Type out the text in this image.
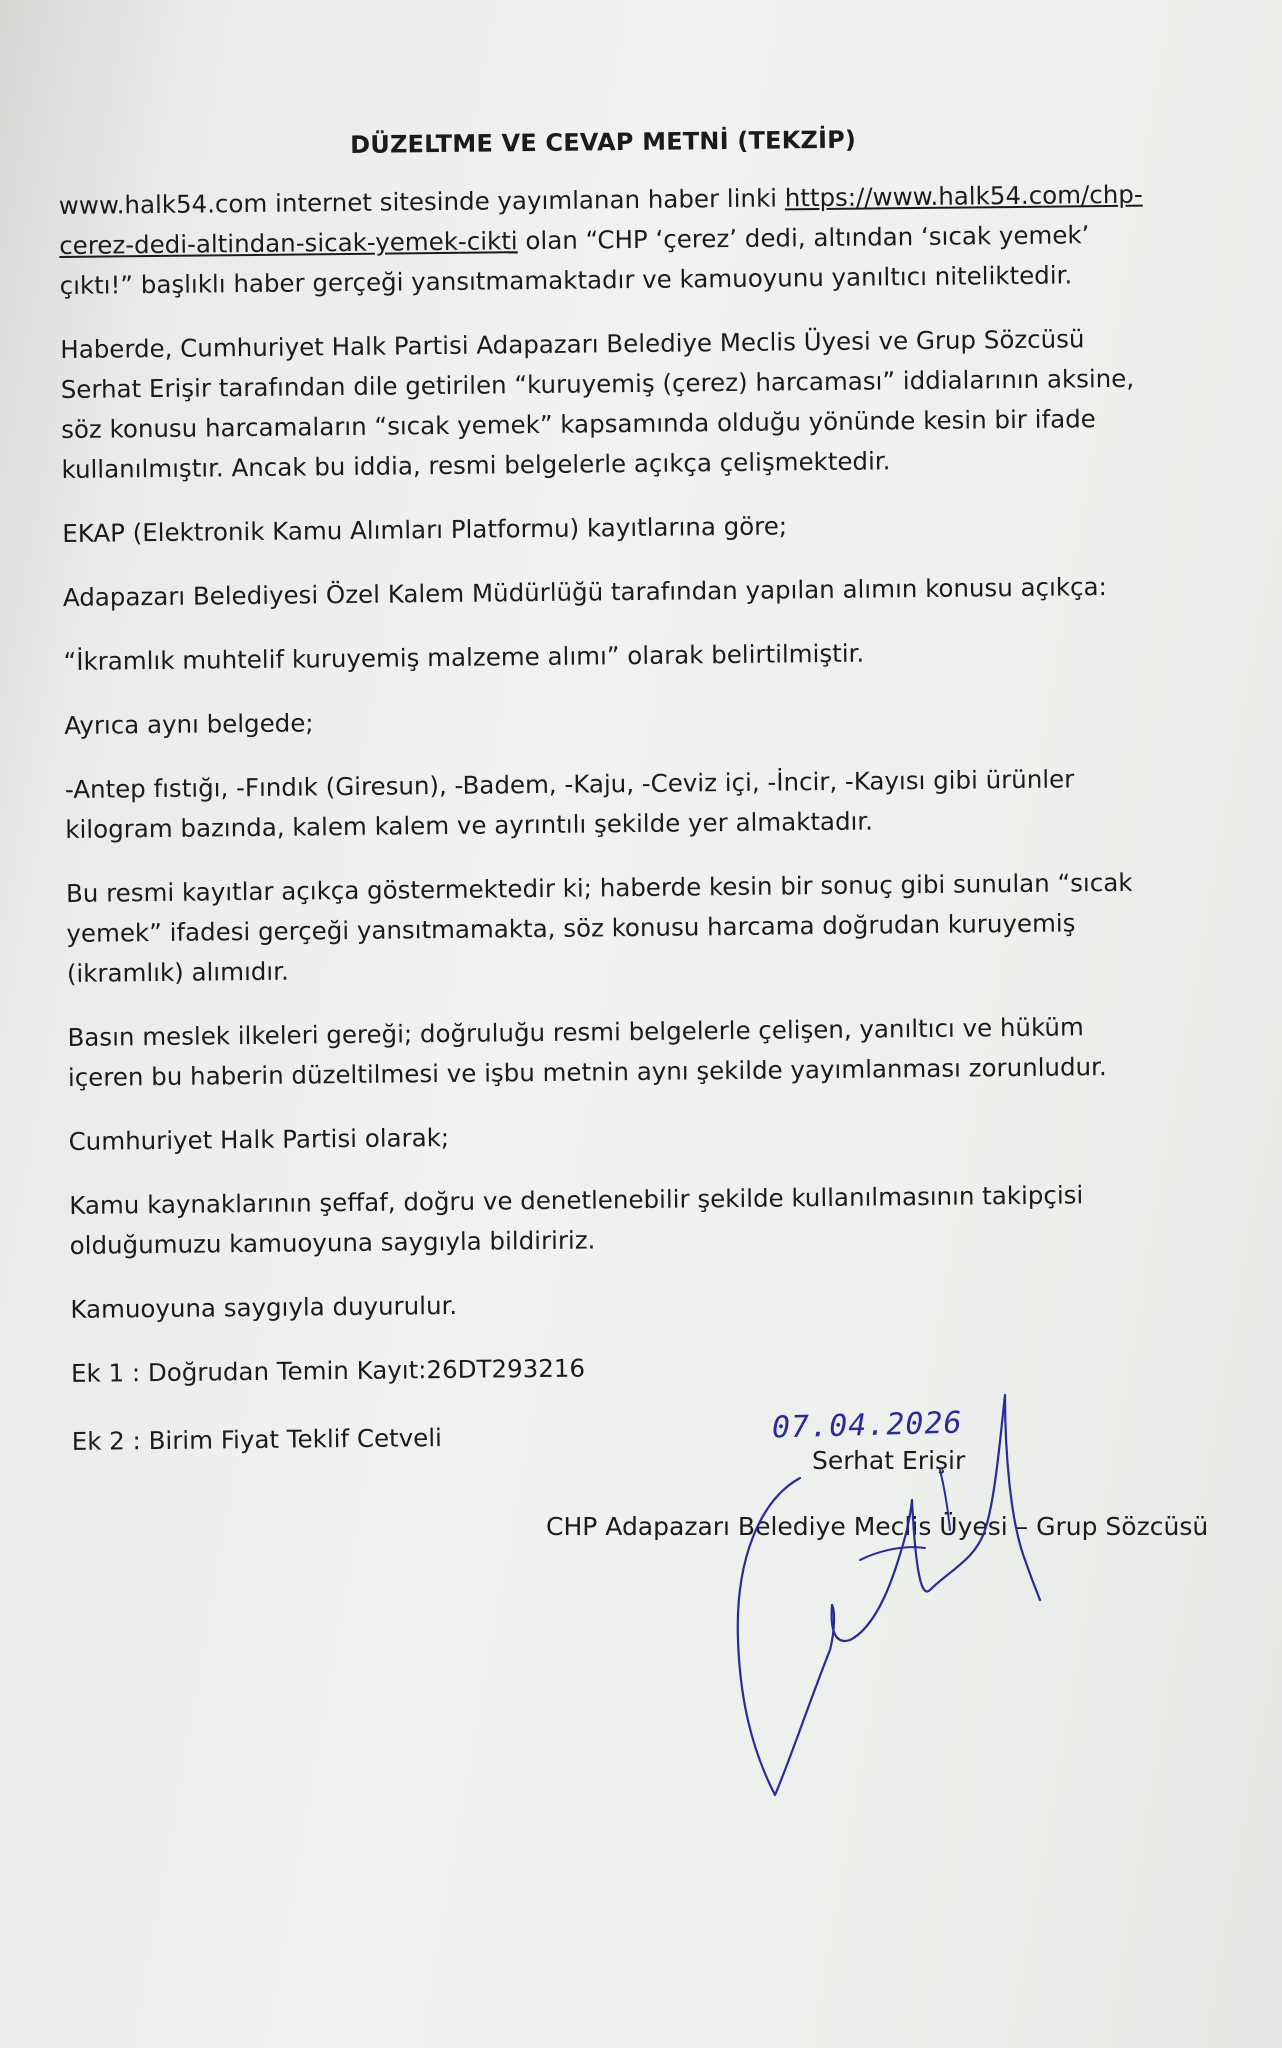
DÜZELTME VE CEVAP METNİ (TEKZİP)
www.halk54.com internet sitesinde yayımlanan haber linki https://www.halk54.com/chp-cerez-dedi-altindan-sicak-yemek-cikti olan “CHP ‘çerez’ dedi, altından ‘sıcak yemek’ çıktı!” başlıklı haber gerçeği yansıtmamaktadır ve kamuoyunu yanıltıcı niteliktedir.
Haberde, Cumhuriyet Halk Partisi Adapazarı Belediye Meclis Üyesi ve Grup Sözcüsü Serhat Erişir tarafından dile getirilen “kuruyemiş (çerez) harcaması” iddialarının aksine, söz konusu harcamaların “sıcak yemek” kapsamında olduğu yönünde kesin bir ifade kullanılmıştır. Ancak bu iddia, resmi belgelerle açıkça çelişmektedir.
EKAP (Elektronik Kamu Alımları Platformu) kayıtlarına göre;
Adapazarı Belediyesi Özel Kalem Müdürlüğü tarafından yapılan alımın konusu açıkça:
“İkramlık muhtelif kuruyemiş malzeme alımı” olarak belirtilmiştir.
Ayrıca aynı belgede;
-Antep fıstığı, -Fındık (Giresun), -Badem, -Kaju, -Ceviz içi, -İncir, -Kayısı gibi ürünler kilogram bazında, kalem kalem ve ayrıntılı şekilde yer almaktadır.
Bu resmi kayıtlar açıkça göstermektedir ki; haberde kesin bir sonuç gibi sunulan “sıcak yemek” ifadesi gerçeği yansıtmamakta, söz konusu harcama doğrudan kuruyemiş (ikramlık) alımıdır.
Basın meslek ilkeleri gereği; doğruluğu resmi belgelerle çelişen, yanıltıcı ve hüküm içeren bu haberin düzeltilmesi ve işbu metnin aynı şekilde yayımlanması zorunludur.
Cumhuriyet Halk Partisi olarak;
Kamu kaynaklarının şeffaf, doğru ve denetlenebilir şekilde kullanılmasının takipçisi olduğumuzu kamuoyuna saygıyla bildiririz.
Kamuoyuna saygıyla duyurulur.
Ek 1 : Doğrudan Temin Kayıt:26DT293216
Ek 2 : Birim Fiyat Teklif Cetveli	07.04.2026
Serhat Erişir
CHP Adapazarı Belediye Meclis Üyesi – Grup Sözcüsü
